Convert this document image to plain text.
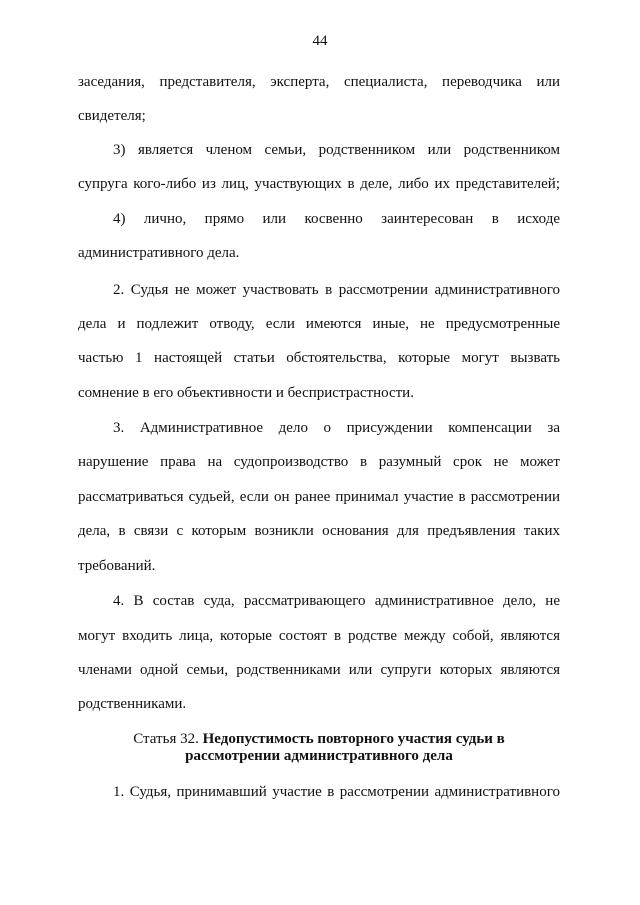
44
заседания, представителя, эксперта, специалиста, переводчика или
свидетеля;
3) является членом семьи, родственником или родственником
супруга кого-либо из лиц, участвующих в деле, либо их представителей;
4) лично, прямо или косвенно заинтересован в исходе
административного дела.
2. Судья не может участвовать в рассмотрении административного
дела и подлежит отводу, если имеются иные, не предусмотренные
частью 1 настоящей статьи обстоятельства, которые могут вызвать
сомнение в его объективности и беспристрастности.
3. Административное дело о присуждении компенсации за
нарушение права на судопроизводство в разумный срок не может
рассматриваться судьей, если он ранее принимал участие в рассмотрении
дела, в связи с которым возникли основания для предъявления таких
требований.
4. В состав суда, рассматривающего административное дело, не
могут входить лица, которые состоят в родстве между собой, являются
членами одной семьи, родственниками или супруги которых являются
родственниками.
Статья 32. Недопустимость повторного участия судьи в
рассмотрении административного дела
1. Судья, принимавший участие в рассмотрении административного
